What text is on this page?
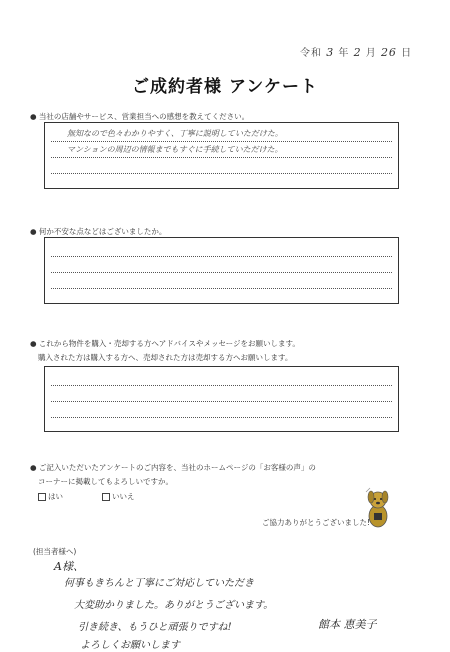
令和 3 年 2 月 26 日
ご成約者様 アンケート
● 当社の店舗やサービス、営業担当への感想を教えてください。
無知なので色々わかりやすく、丁寧に説明していただけた。
マンションの周辺の情報までもすぐに手続していただけた。
● 何か不安な点などはございましたか。
● これから物件を購入・売却する方へアドバイスやメッセージをお願いします。
購入された方は購入する方へ、売却された方は売却する方へお願いします。
● ご記入いただいたアンケートのご内容を、当社のホームページの「お客様の声」の
コーナーに掲載してもよろしいですか。
はい	いいえ
ご協力ありがとうございました!
(担当者様へ)
A様、
何事もきちんと丁寧にご対応していただき
大変助かりました。ありがとうございます。
引き続き、もうひと頑張りですね!
よろしくお願いします
館本 恵美子
